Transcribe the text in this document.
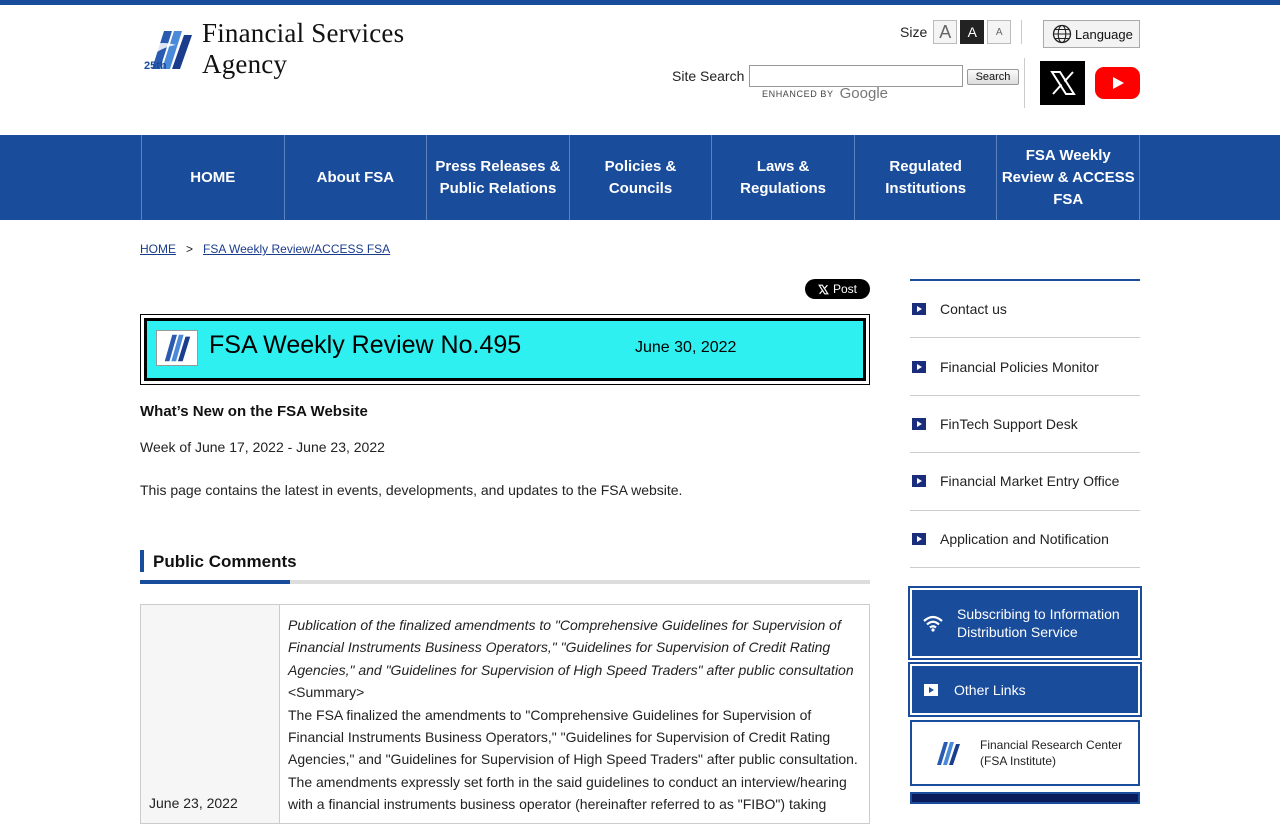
25th
Financial Services Agency
Size A	A	A	Language
Site Search	Search
ENHANCED BY Google
HOME	About FSA
Press Releases & Public Relations
Policies & Councils
Laws & Regulations
Regulated Institutions
FSA Weekly Review & ACCESS FSA
HOME > FSA Weekly Review/ACCESS FSA
Post
FSA Weekly Review No.495	June 30, 2022
What’s New on the FSA Website

Week of June 17, 2022 - June 23, 2022

This page contains the latest in events, developments, and updates to the FSA website.

Public Comments
June 23, 2022
Publication of the finalized amendments to "Comprehensive Guidelines for Supervision of Financial Instruments Business Operators," "Guidelines for Supervision of Credit Rating Agencies," and "Guidelines for Supervision of High Speed Traders" after public consultation
<Summary>
The FSA finalized the amendments to "Comprehensive Guidelines for Supervision of Financial Instruments Business Operators," "Guidelines for Supervision of Credit Rating Agencies," and "Guidelines for Supervision of High Speed Traders" after public consultation. The amendments expressly set forth in the said guidelines to conduct an interview/hearing with a financial instruments business operator (hereinafter referred to as "FIBO") taking
Contact us
Financial Policies Monitor
FinTech Support Desk
Financial Market Entry Office
Application and Notification
Subscribing to Information Distribution Service
Other Links
Financial Research Center
(FSA Institute)
